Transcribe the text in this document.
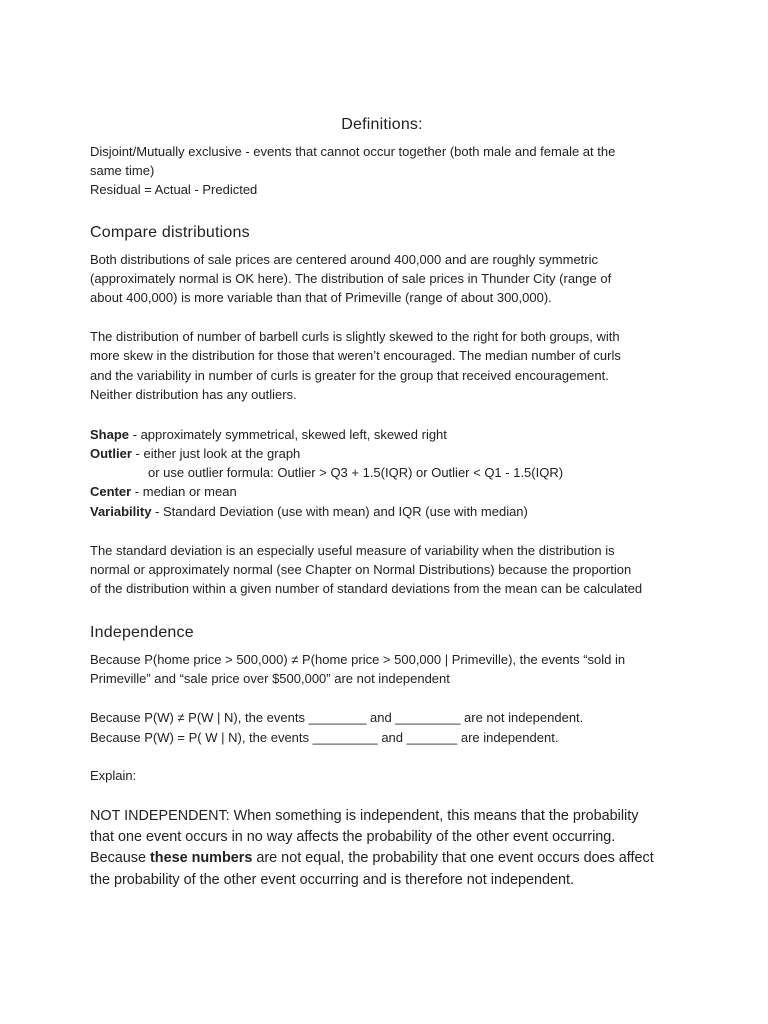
Definitions:
Disjoint/Mutually exclusive - events that cannot occur together (both male and female at the
same time)
Residual = Actual - Predicted
Compare distributions
Both distributions of sale prices are centered around 400,000 and are roughly symmetric
(approximately normal is OK here). The distribution of sale prices in Thunder City (range of
about 400,000) is more variable than that of Primeville (range of about 300,000).
The distribution of number of barbell curls is slightly skewed to the right for both groups, with
more skew in the distribution for those that weren’t encouraged. The median number of curls
and the variability in number of curls is greater for the group that received encouragement.
Neither distribution has any outliers.
Shape - approximately symmetrical, skewed left, skewed right
Outlier - either just look at the graph
or use outlier formula: Outlier > Q3 + 1.5(IQR) or Outlier < Q1 - 1.5(IQR)
Center - median or mean
Variability - Standard Deviation (use with mean) and IQR (use with median)
The standard deviation is an especially useful measure of variability when the distribution is
normal or approximately normal (see Chapter on Normal Distributions) because the proportion
of the distribution within a given number of standard deviations from the mean can be calculated
Independence
Because P(home price > 500,000) ≠ P(home price > 500,000 | Primeville), the events “sold in
Primeville” and “sale price over $500,000” are not independent
Because P(W) ≠ P(W | N), the events ________ and _________ are not independent.
Because P(W) = P( W | N), the events _________ and _______ are independent.
Explain:
NOT INDEPENDENT: When something is independent, this means that the probability
that one event occurs in no way affects the probability of the other event occurring.
Because these numbers are not equal, the probability that one event occurs does affect
the probability of the other event occurring and is therefore not independent.
